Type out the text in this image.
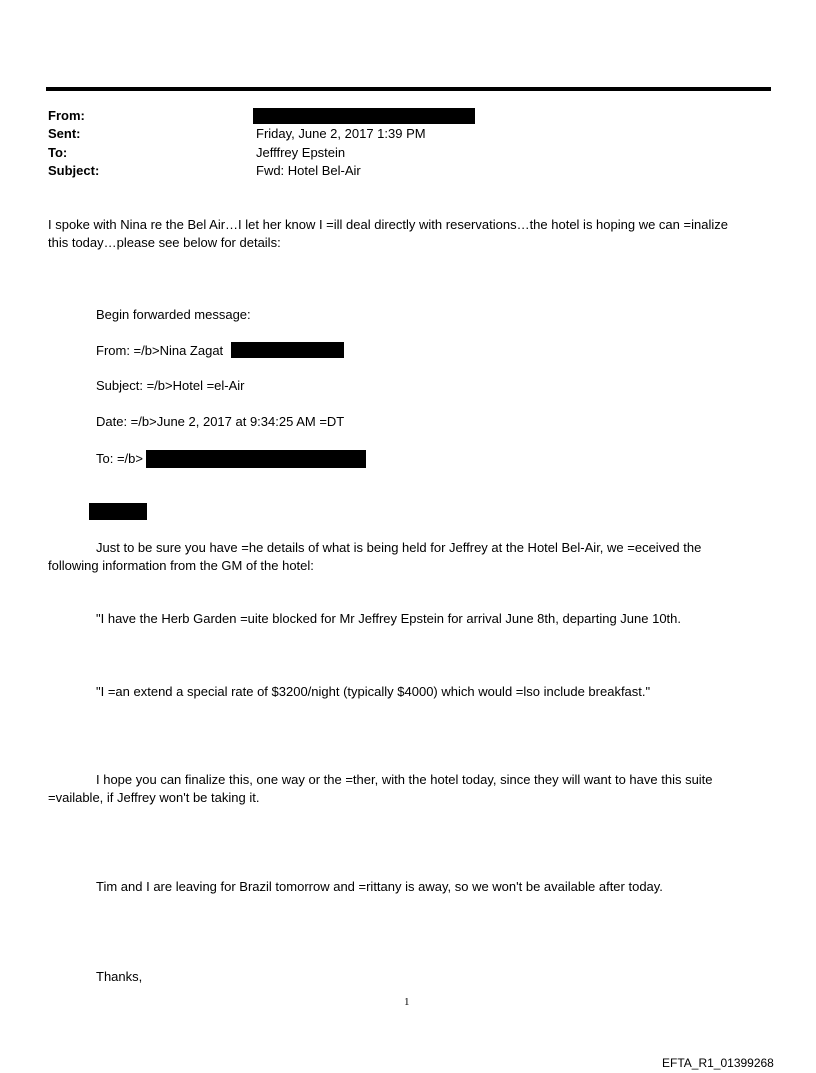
From:
Sent:	Friday, June 2, 2017 1:39 PM
To:	Jefffrey Epstein
Subject:	Fwd: Hotel Bel-Air
I spoke with Nina re the Bel Air…I let her know I =ill deal directly with reservations…the hotel is hoping we can =inalize
this today…please see below for details:
Begin forwarded message:
From: =/b>Nina Zagat
Subject: =/b>Hotel =el-Air
Date: =/b>June 2, 2017 at 9:34:25 AM =DT
To: =/b>
Just to be sure you have =he details of what is being held for Jeffrey at the Hotel Bel-Air, we =eceived the
following information from the GM of the hotel:
"I have the Herb Garden =uite blocked for Mr Jeffrey Epstein for arrival June 8th, departing June 10th.
"I =an extend a special rate of $3200/night (typically $4000) which would =lso include breakfast."
I hope you can finalize this, one way or the =ther, with the hotel today, since they will want to have this suite
=vailable, if Jeffrey won't be taking it.
Tim and I are leaving for Brazil tomorrow and =rittany is away, so we won't be available after today.
Thanks,
1
EFTA_R1_01399268
